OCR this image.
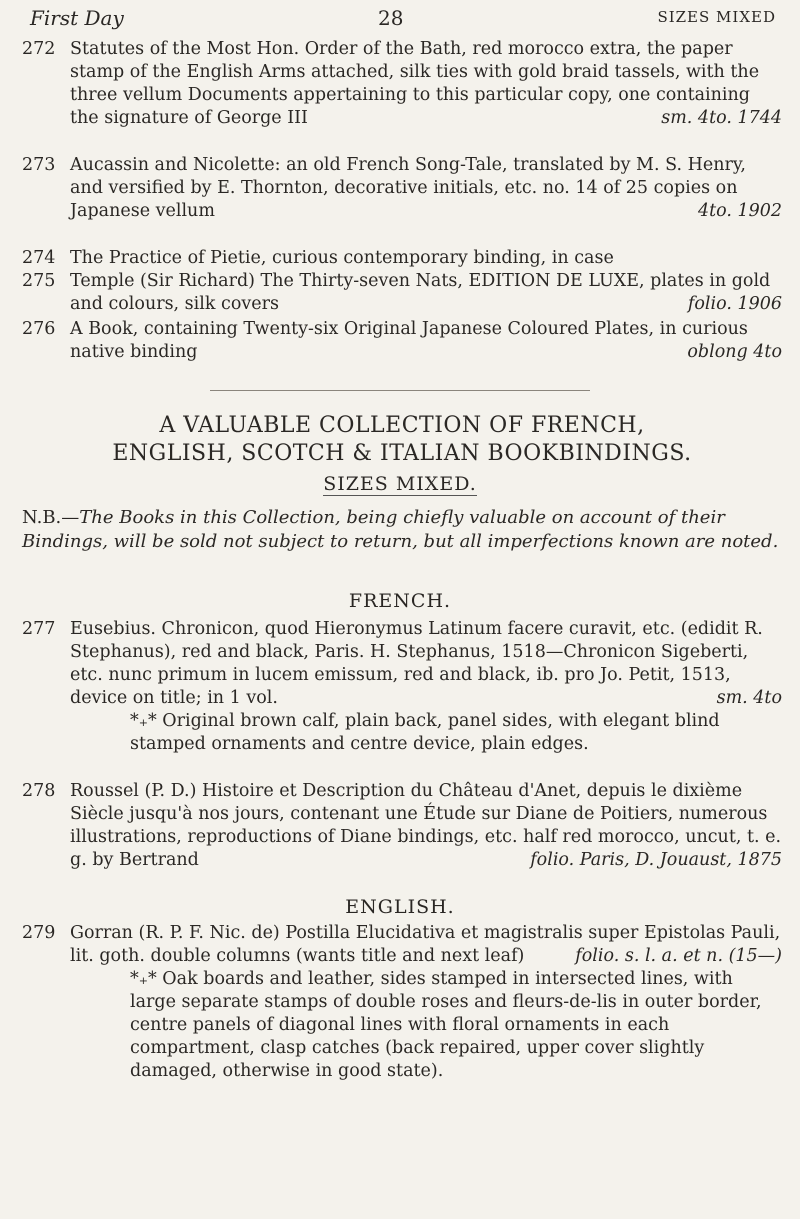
First Day	28	SIZES MIXED
272 Statutes of the Most Hon. Order of the Bath, red morocco extra, the paper stamp of the English Arms attached, silk ties with gold braid tassels, with the three vellum Documents appertaining to this particular copy, one containing the signature of George III	sm. 4to. 1744
273 Aucassin and Nicolette: an old French Song-Tale, translated by M. S. Henry, and versified by E. Thornton, decorative initials, etc. no. 14 of 25 copies on Japanese vellum	4to. 1902
274 The Practice of Pietie, curious contemporary binding, in case
275 Temple (Sir Richard) The Thirty-seven Nats, EDITION DE LUXE, plates in gold and colours, silk covers	folio. 1906
276 A Book, containing Twenty-six Original Japanese Coloured Plates, in curious native binding	oblong 4to
A VALUABLE COLLECTION OF FRENCH,
ENGLISH, SCOTCH & ITALIAN BOOKBINDINGS.
SIZES MIXED.
N.B.—The Books in this Collection, being chiefly valuable on account of their Bindings, will be sold not subject to return, but all imperfections known are noted.
FRENCH.
277 Eusebius. Chronicon, quod Hieronymus Latinum facere curavit, etc. (edidit R. Stephanus), red and black, Paris. H. Stephanus, 1518—Chronicon Sigeberti, etc. nunc primum in lucem emissum, red and black, ib. pro Jo. Petit, 1513, device on title; in 1 vol.	sm. 4to
*₊* Original brown calf, plain back, panel sides, with elegant blind stamped ornaments and centre device, plain edges.
278 Roussel (P. D.) Histoire et Description du Château d'Anet, depuis le dixième Siècle jusqu'à nos jours, contenant une Étude sur Diane de Poitiers, numerous illustrations, reproductions of Diane bindings, etc. half red morocco, uncut, t. e. g. by Bertrand	folio. Paris, D. Jouaust, 1875
ENGLISH.
279 Gorran (R. P. F. Nic. de) Postilla Elucidativa et magistralis super Epistolas Pauli, lit. goth. double columns (wants title and next leaf)	folio. s. l. a. et n. (15—)
*₊* Oak boards and leather, sides stamped in intersected lines, with large separate stamps of double roses and fleurs-de-lis in outer border, centre panels of diagonal lines with floral ornaments in each compartment, clasp catches (back repaired, upper cover slightly damaged, otherwise in good state).
